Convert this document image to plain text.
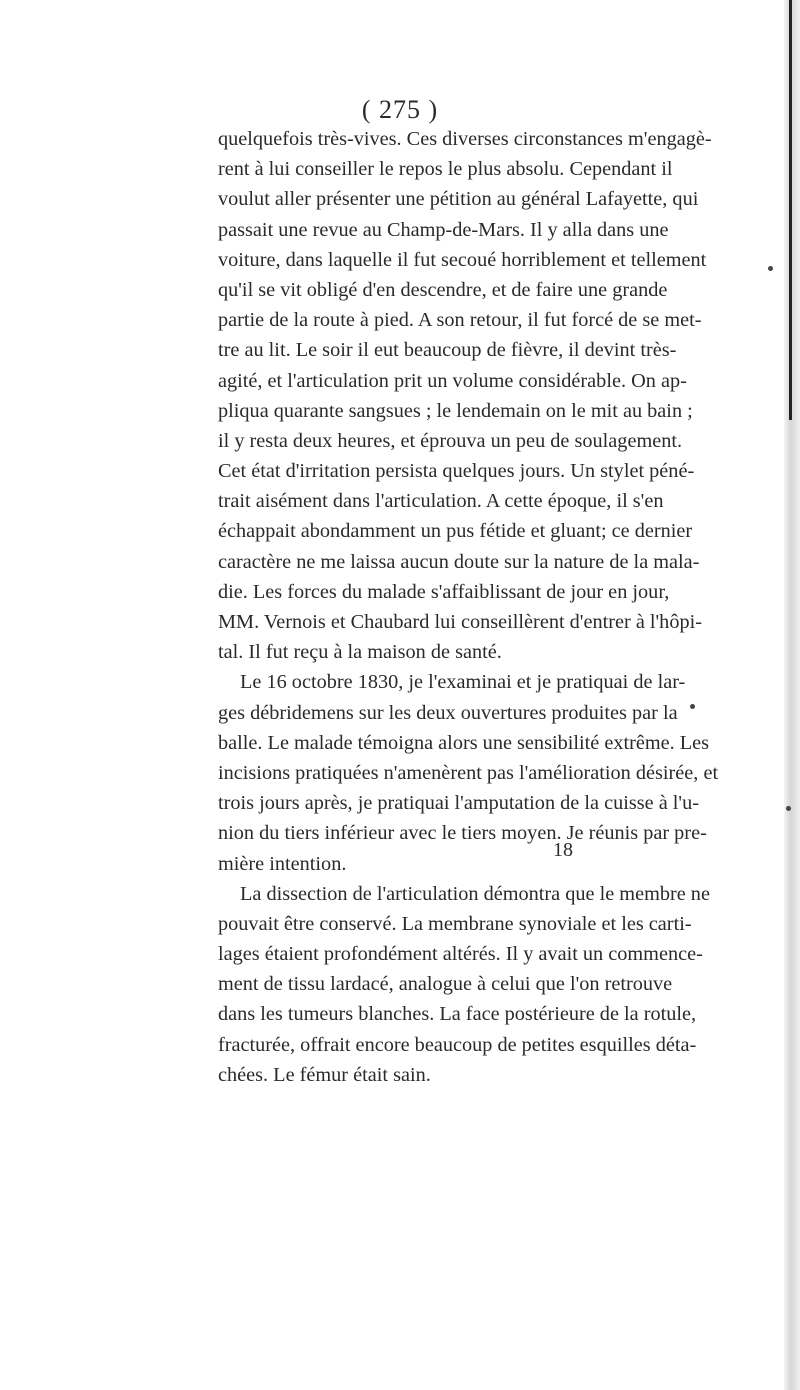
( 275 )
quelquefois très-vives. Ces diverses circonstances m'engagè-
rent à lui conseiller le repos le plus absolu. Cependant il
voulut aller présenter une pétition au général Lafayette, qui
passait une revue au Champ-de-Mars. Il y alla dans une
voiture, dans laquelle il fut secoué horriblement et tellement
qu'il se vit obligé d'en descendre, et de faire une grande
partie de la route à pied. A son retour, il fut forcé de se met-
tre au lit. Le soir il eut beaucoup de fièvre, il devint très-
agité, et l'articulation prit un volume considérable. On ap-
pliqua quarante sangsues ; le lendemain on le mit au bain ;
il y resta deux heures, et éprouva un peu de soulagement.
Cet état d'irritation persista quelques jours. Un stylet péné-
trait aisément dans l'articulation. A cette époque, il s'en
échappait abondamment un pus fétide et gluant; ce dernier
caractère ne me laissa aucun doute sur la nature de la mala-
die. Les forces du malade s'affaiblissant de jour en jour,
MM. Vernois et Chaubard lui conseillèrent d'entrer à l'hôpi-
tal. Il fut reçu à la maison de santé.
Le 16 octobre 1830, je l'examinai et je pratiquai de lar-
ges débridemens sur les deux ouvertures produites par la
balle. Le malade témoigna alors une sensibilité extrême. Les
incisions pratiquées n'amenèrent pas l'amélioration désirée, et
trois jours après, je pratiquai l'amputation de la cuisse à l'u-
nion du tiers inférieur avec le tiers moyen. Je réunis par pre-
mière intention.
La dissection de l'articulation démontra que le membre ne
pouvait être conservé. La membrane synoviale et les carti-
lages étaient profondément altérés. Il y avait un commence-
ment de tissu lardacé, analogue à celui que l'on retrouve
dans les tumeurs blanches. La face postérieure de la rotule,
fracturée, offrait encore beaucoup de petites esquilles déta-
chées. Le fémur était sain.
18
